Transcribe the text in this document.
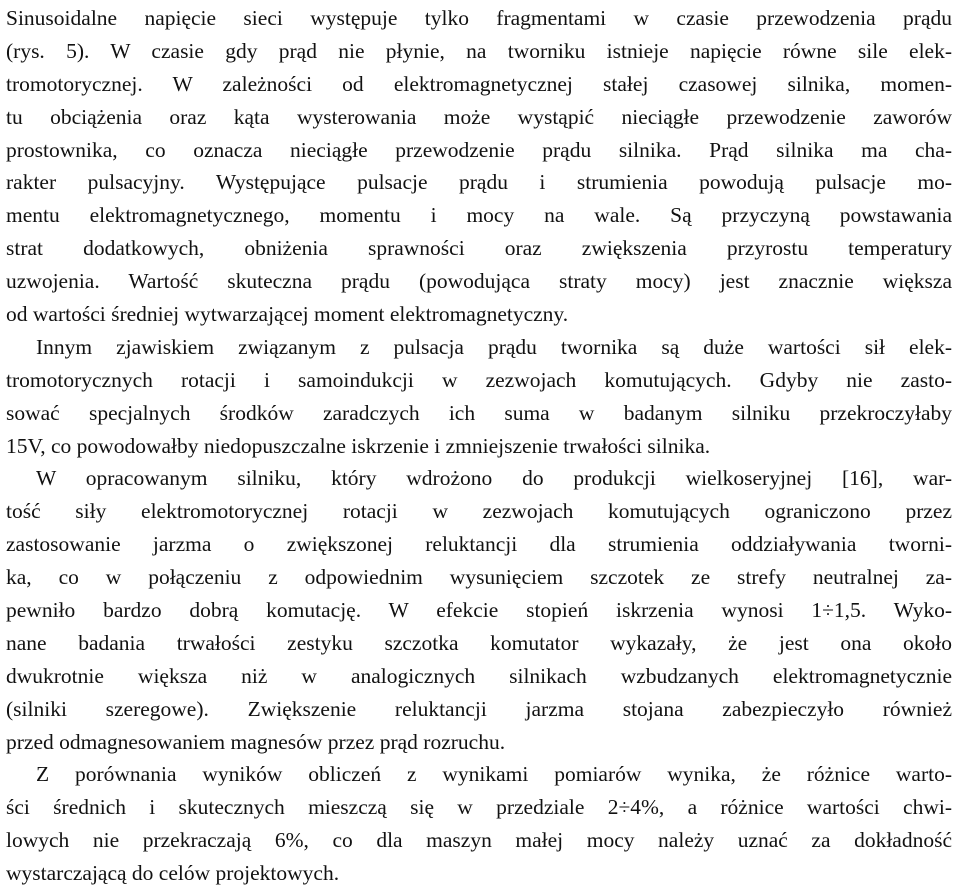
Sinusoidalne napięcie sieci występuje tylko fragmentami w czasie przewodzenia prądu
(rys. 5). W czasie gdy prąd nie płynie, na tworniku istnieje napięcie równe sile elek-
tromotorycznej. W zależności od elektromagnetycznej stałej czasowej silnika, momen-
tu obciążenia oraz kąta wysterowania może wystąpić nieciągłe przewodzenie zaworów
prostownika, co oznacza nieciągłe przewodzenie prądu silnika. Prąd silnika ma cha-
rakter pulsacyjny. Występujące pulsacje prądu i strumienia powodują pulsacje mo-
mentu elektromagnetycznego, momentu i mocy na wale. Są przyczyną powstawania
strat dodatkowych, obniżenia sprawności oraz zwiększenia przyrostu temperatury
uzwojenia. Wartość skuteczna prądu (powodująca straty mocy) jest znacznie większa
od wartości średniej wytwarzającej moment elektromagnetyczny.
Innym zjawiskiem związanym z pulsacja prądu twornika są duże wartości sił elek-
tromotorycznych rotacji i samoindukcji w zezwojach komutujących. Gdyby nie zasto-
sować specjalnych środków zaradczych ich suma w badanym silniku przekroczyłaby
15V, co powodowałby niedopuszczalne iskrzenie i zmniejszenie trwałości silnika.
W opracowanym silniku, który wdrożono do produkcji wielkoseryjnej [16], war-
tość siły elektromotorycznej rotacji w zezwojach komutujących ograniczono przez
zastosowanie jarzma o zwiększonej reluktancji dla strumienia oddziaływania tworni-
ka, co w połączeniu z odpowiednim wysunięciem szczotek ze strefy neutralnej za-
pewniło bardzo dobrą komutację. W efekcie stopień iskrzenia wynosi 1÷1,5. Wyko-
nane badania trwałości zestyku szczotka komutator wykazały, że jest ona około
dwukrotnie większa niż w analogicznych silnikach wzbudzanych elektromagnetycznie
(silniki szeregowe). Zwiększenie reluktancji jarzma stojana zabezpieczyło również
przed odmagnesowaniem magnesów przez prąd rozruchu.
Z porównania wyników obliczeń z wynikami pomiarów wynika, że różnice warto-
ści średnich i skutecznych mieszczą się w przedziale 2÷4%, a różnice wartości chwi-
lowych nie przekraczają 6%, co dla maszyn małej mocy należy uznać za dokładność
wystarczającą do celów projektowych.
